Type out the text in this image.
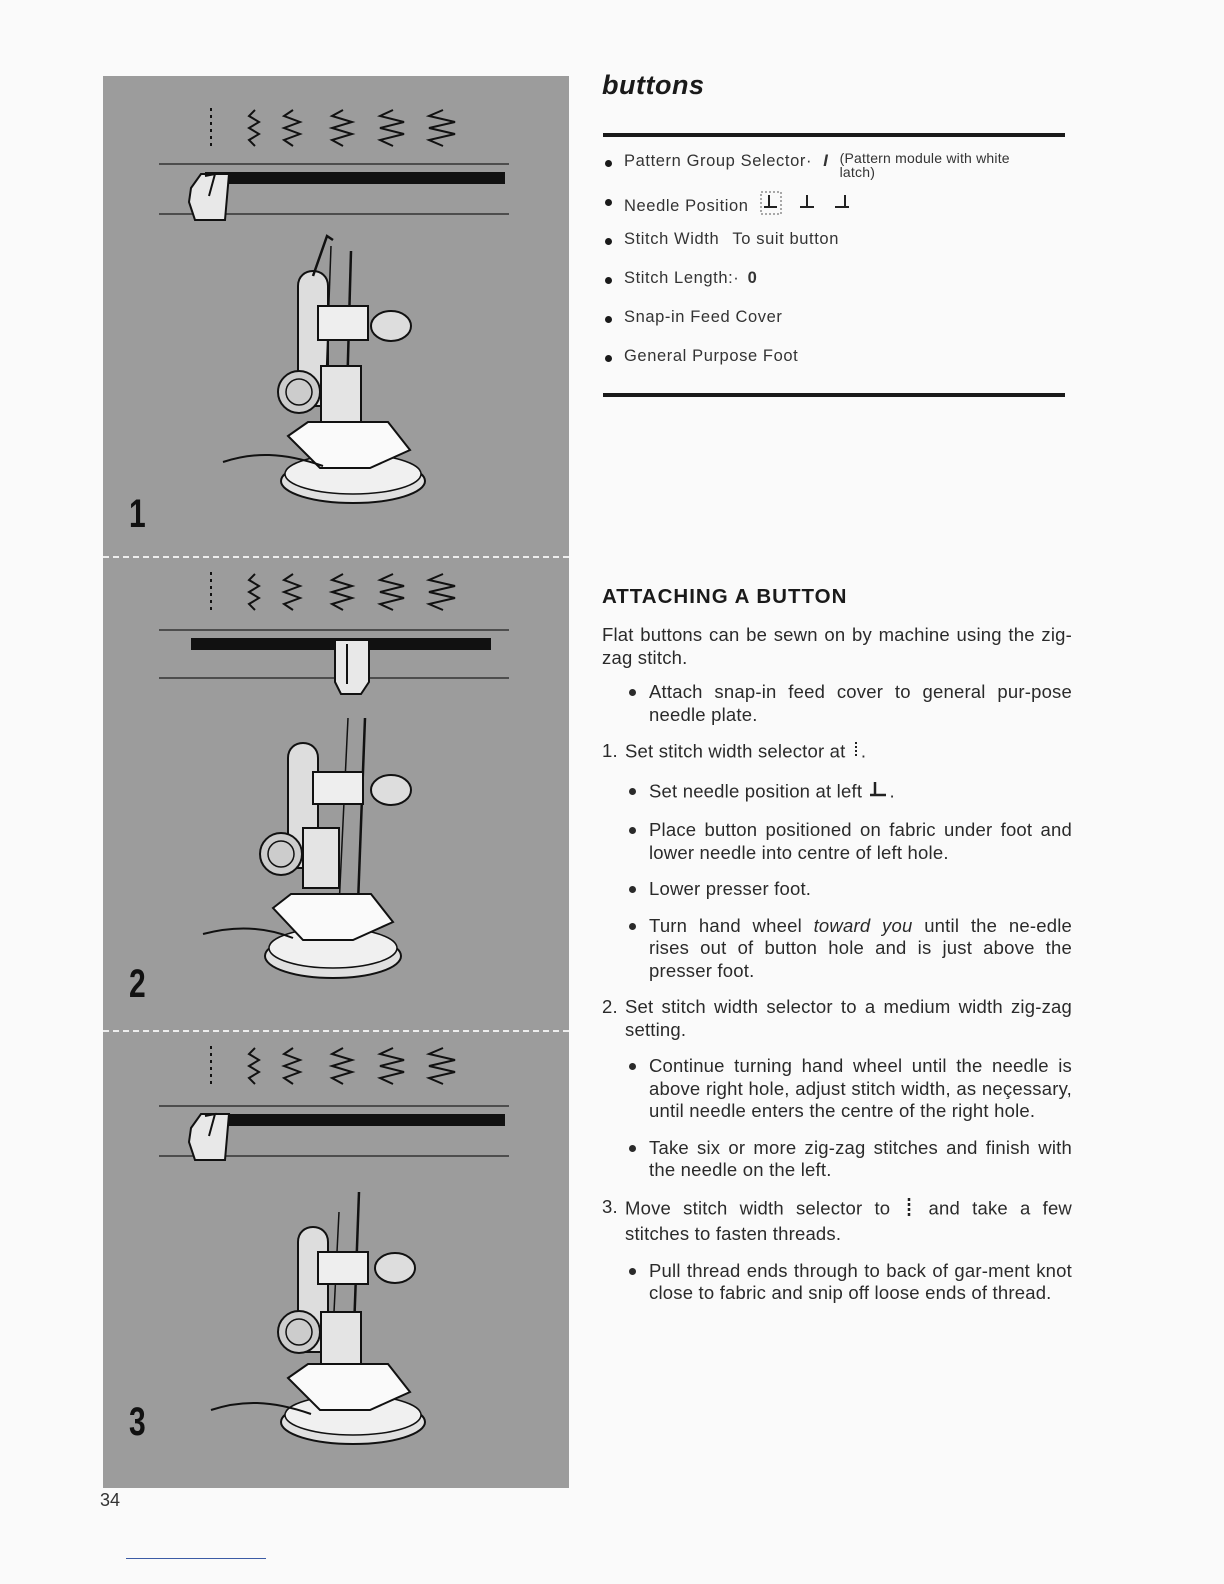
1
2
3
34
buttons
Pattern Group Selector· I (Pattern module with white
latch)
Needle Position
Stitch Width To suit button
Stitch Length:· 0
Snap-in Feed Cover
General Purpose Foot
ATTACHING A BUTTON

Flat buttons can be sewn on by machine using the zig-zag stitch.

Attach snap-in feed cover to general pur-pose needle plate.

1. Set stitch width selector at .

Set needle position at left .

Place button positioned on fabric under foot and lower needle into centre of left hole.

Lower presser foot.

Turn hand wheel toward you until the ne-edle rises out of button hole and is just above the presser foot.

2. Set stitch width selector to a medium width zig-zag setting.

Continue turning hand wheel until the needle is above right hole, adjust stitch width, as neçessary, until needle enters the centre of the right hole.

Take six or more zig-zag stitches and finish with the needle on the left.

3. Move stitch width selector to and take a few stitches to fasten threads.

Pull thread ends through to back of gar-ment knot close to fabric and snip off loose ends of thread.
